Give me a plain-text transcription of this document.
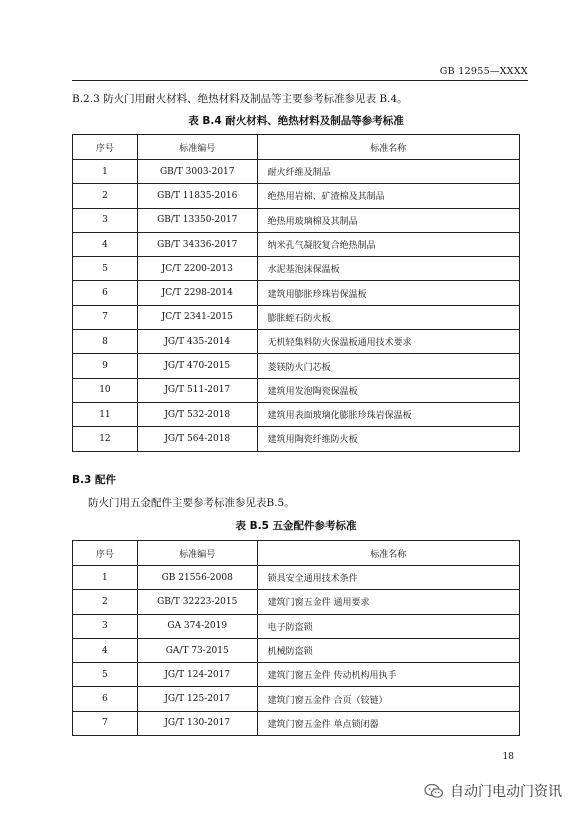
GB 12955—XXXX
B.2.3 防火门用耐火材料、绝热材料及制品等主要参考标准参见表 B.4。
表 B.4 耐火材料、绝热材料及制品等参考标准
序号	标准编号	标准名称
1	GB/T 3003-2017	耐火纤维及制品
2	GB/T 11835-2016	绝热用岩棉、矿渣棉及其制品
3	GB/T 13350-2017	绝热用玻璃棉及其制品
4	GB/T 34336-2017	纳米孔气凝胶复合绝热制品
5	JC/T 2200-2013	水泥基泡沫保温板
6	JC/T 2298-2014	建筑用膨胀珍珠岩保温板
7	JC/T 2341-2015	膨胀蛭石防火板
8	JG/T 435-2014	无机轻集料防火保温板通用技术要求
9	JG/T 470-2015	菱镁防火门芯板
10	JG/T 511-2017	建筑用发泡陶瓷保温板
11	JG/T 532-2018	建筑用表面玻璃化膨胀珍珠岩保温板
12	JG/T 564-2018	建筑用陶瓷纤维防火板
B.3 配件
防火门用五金配件主要参考标准参见表B.5。
表 B.5 五金配件参考标准
序号	标准编号	标准名称
1	GB 21556-2008	锁具安全通用技术条件
2	GB/T 32223-2015	建筑门窗五金件 通用要求
3	GA 374-2019	电子防盗锁
4	GA/T 73-2015	机械防盗锁
5	JG/T 124-2017	建筑门窗五金件 传动机构用执手
6	JG/T 125-2017	建筑门窗五金件 合页（铰链）
7	JG/T 130-2017	建筑门窗五金件 单点锁闭器
18
自动门电动门资讯
